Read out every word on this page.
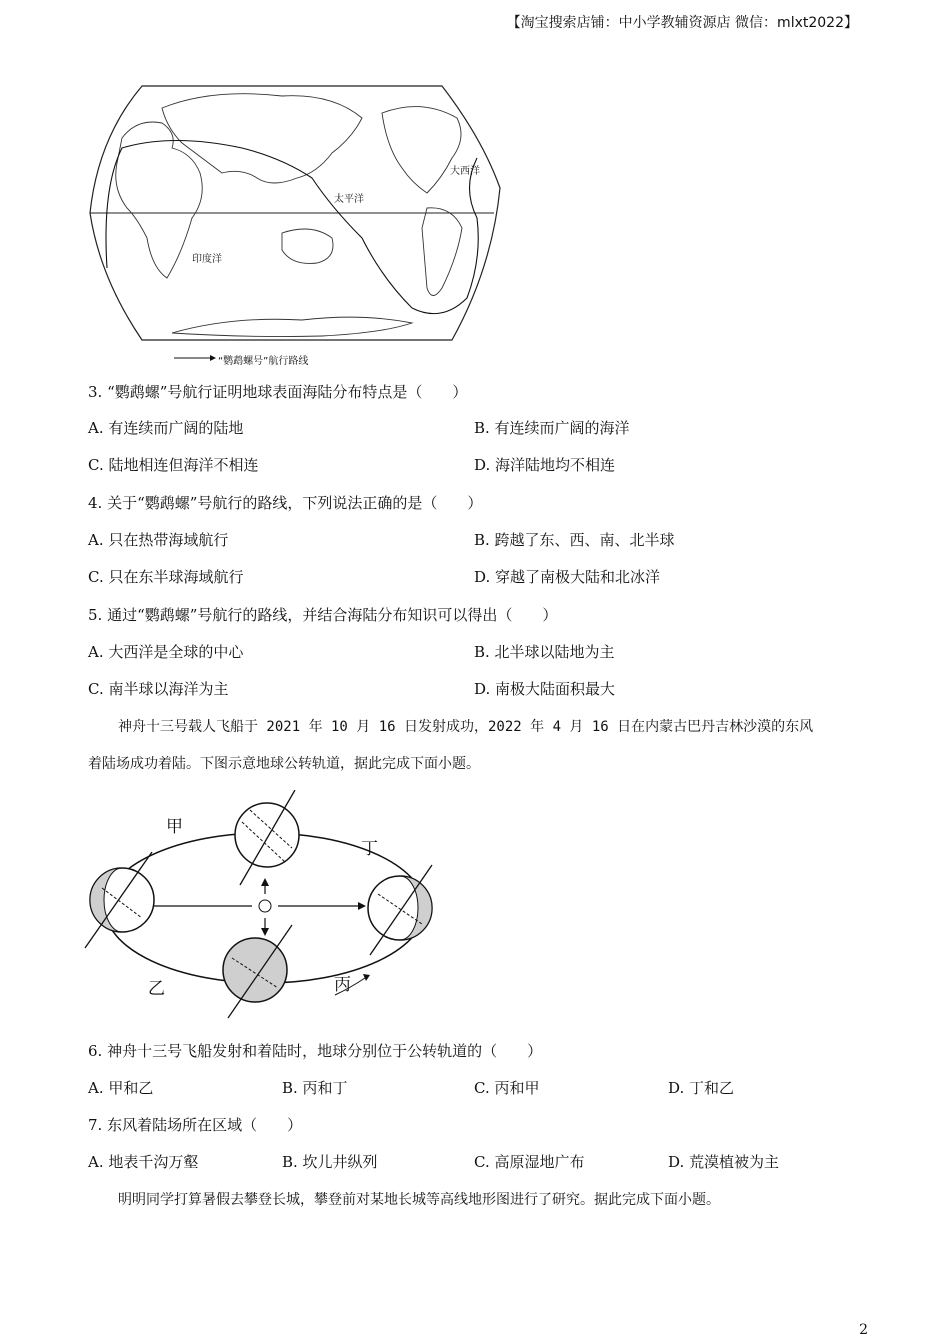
【淘宝搜索店铺：中小学教辅资源店 微信：mlxt2022】
大西洋
太平洋
印度洋
“鹦鹉螺号”航行路线
3. “鹦鹉螺”号航行证明地球表面海陆分布特点是（　　）
A. 有连续而广阔的陆地	B. 有连续而广阔的海洋
C. 陆地相连但海洋不相连	D. 海洋陆地均不相连
4. 关于“鹦鹉螺”号航行的路线，下列说法正确的是（　　）
A. 只在热带海域航行	B. 跨越了东、西、南、北半球
C. 只在东半球海域航行	D. 穿越了南极大陆和北冰洋
5. 通过“鹦鹉螺”号航行的路线，并结合海陆分布知识可以得出（　　）
A. 大西洋是全球的中心	B. 北半球以陆地为主
C. 南半球以海洋为主	D. 南极大陆面积最大
神舟十三号载人飞船于 2021 年 10 月 16 日发射成功，2022 年 4 月 16 日在内蒙古巴丹吉林沙漠的东风
着陆场成功着陆。下图示意地球公转轨道，据此完成下面小题。
甲
丁
乙	丙
6. 神舟十三号飞船发射和着陆时，地球分别位于公转轨道的（　　）
A. 甲和乙	B. 丙和丁	C. 丙和甲	D. 丁和乙
7. 东风着陆场所在区域（　　）
A. 地表千沟万壑	B. 坎儿井纵列	C. 高原湿地广布	D. 荒漠植被为主
明明同学打算暑假去攀登长城，攀登前对某地长城等高线地形图进行了研究。据此完成下面小题。
2
